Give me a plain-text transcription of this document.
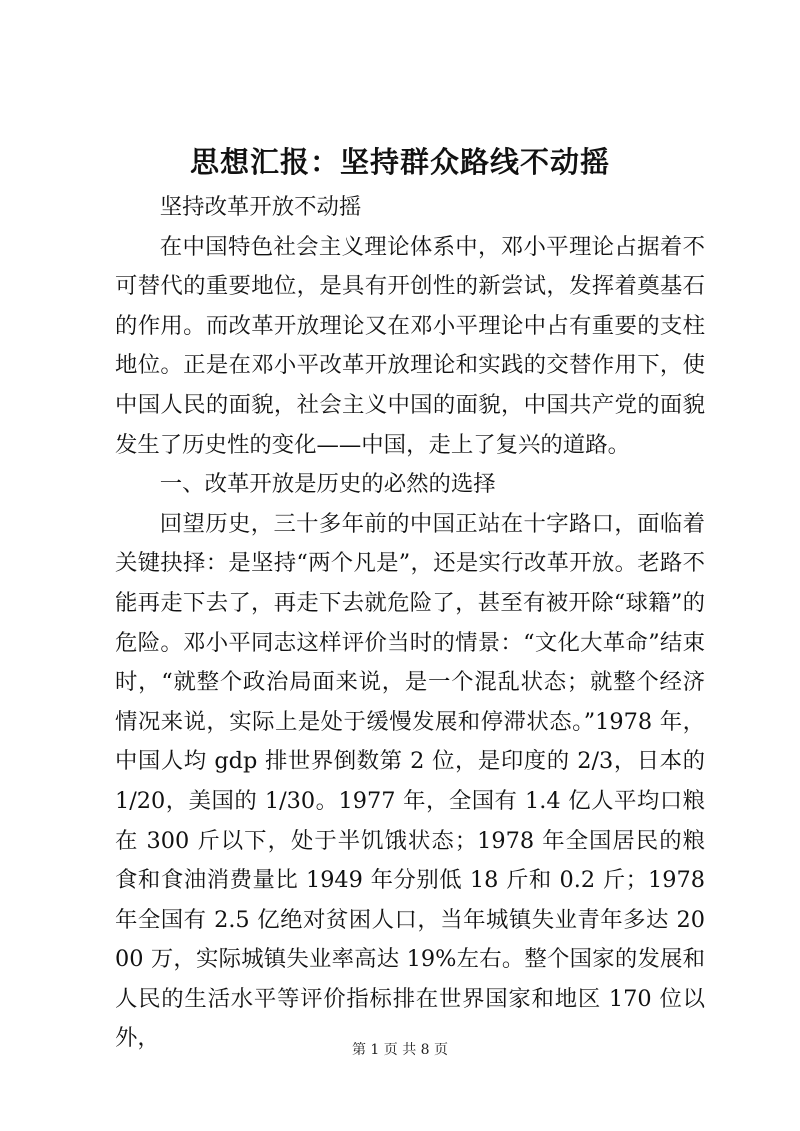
思想汇报：坚持群众路线不动摇

坚持改革开放不动摇

在中国特色社会主义理论体系中，邓小平理论占据着不可替代的重要地位，是具有开创性的新尝试，发挥着奠基石的作用。而改革开放理论又在邓小平理论中占有重要的支柱地位。正是在邓小平改革开放理论和实践的交替作用下，使中国人民的面貌，社会主义中国的面貌，中国共产党的面貌发生了历史性的变化——中国，走上了复兴的道路。

一、改革开放是历史的必然的选择

回望历史，三十多年前的中国正站在十字路口，面临着关键抉择：是坚持“两个凡是”，还是实行改革开放。老路不能再走下去了，再走下去就危险了，甚至有被开除“球籍”的危险。邓小平同志这样评价当时的情景：“文化大革命”结束时，“就整个政治局面来说，是一个混乱状态；就整个经济情况来说，实际上是处于缓慢发展和停滞状态。”1978 年，中国人均 gdp 排世界倒数第 2 位，是印度的 2/3，日本的 1/20，美国的 1/30。1977 年，全国有 1.4 亿人平均口粮在 300 斤以下，处于半饥饿状态；1978 年全国居民的粮食和食油消费量比 1949 年分别低 18 斤和 0.2 斤；1978 年全国有 2.5 亿绝对贫困人口，当年城镇失业青年多达 2000 万，实际城镇失业率高达 19%左右。整个国家的发展和人民的生活水平等评价指标排在世界国家和地区 170 位以外，	第 1 页 共 8 页
